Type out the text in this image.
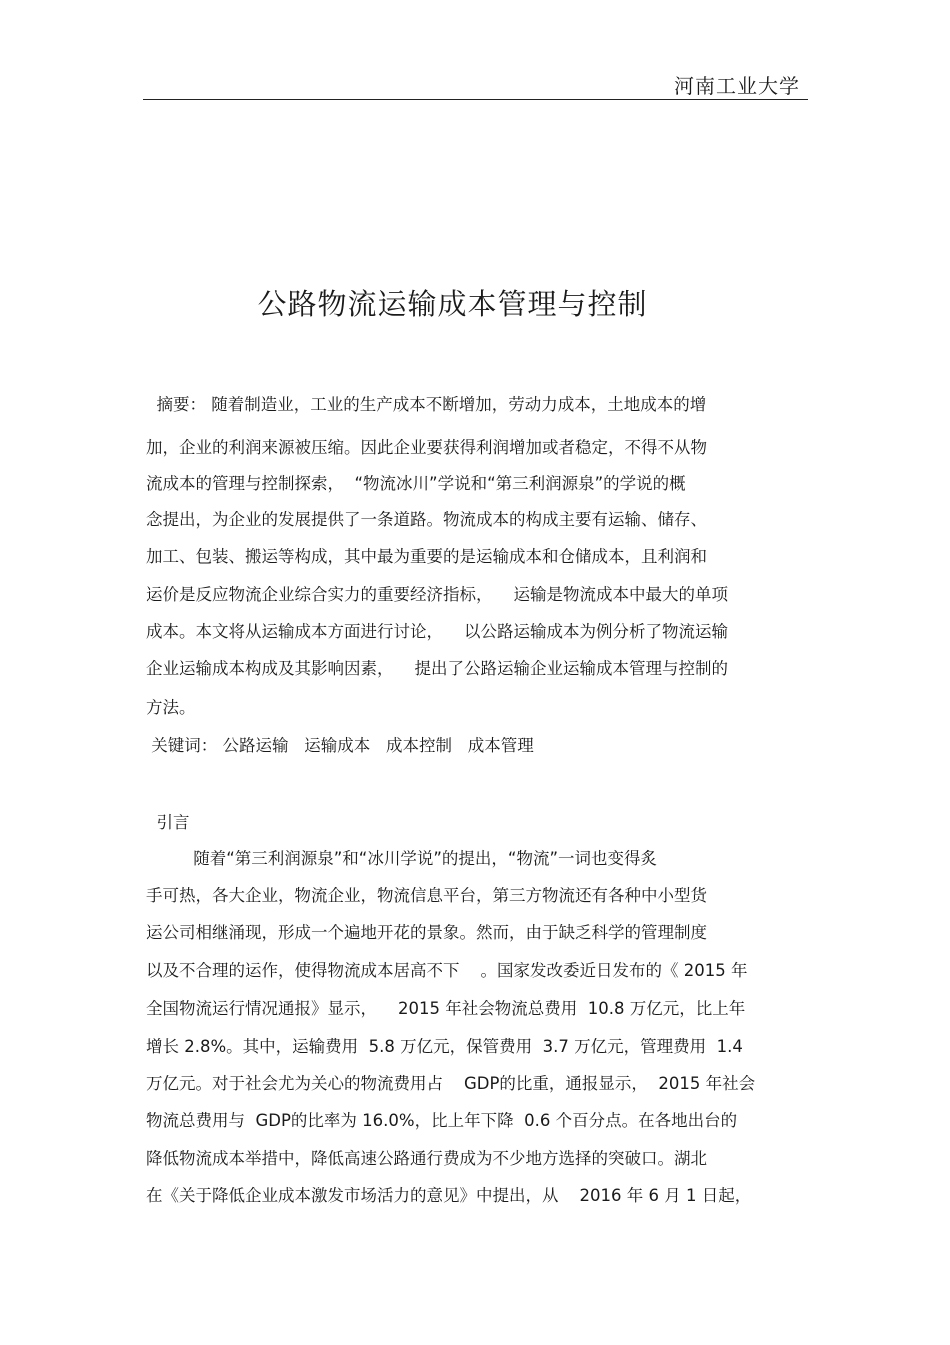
河南工业大学
公路物流运输成本管理与控制
摘要： 随着制造业，工业的生产成本不断增加，劳动力成本，土地成本的增
加，企业的利润来源被压缩。因此企业要获得利润增加或者稳定，不得不从物
流成本的管理与控制探索，  “物流冰川”学说和“第三利润源泉”的学说的概
念提出，为企业的发展提供了一条道路。物流成本的构成主要有运输、储存、
加工、包装、搬运等构成，其中最为重要的是运输成本和仓储成本，且利润和
运价是反应物流企业综合实力的重要经济指标，    运输是物流成本中最大的单项
成本。本文将从运输成本方面进行讨论，    以公路运输成本为例分析了物流运输
企业运输成本构成及其影响因素，    提出了公路运输企业运输成本管理与控制的
方法。
关键词： 公路运输   运输成本   成本控制   成本管理
引言
随着“第三利润源泉”和“冰川学说”的提出，“物流”一词也变得炙
手可热，各大企业，物流企业，物流信息平台，第三方物流还有各种中小型货
运公司相继涌现，形成一个遍地开花的景象。然而，由于缺乏科学的管理制度
以及不合理的运作，使得物流成本居高不下    。国家发改委近日发布的《 2015 年
全国物流运行情况通报》显示，    2015 年社会物流总费用  10.8 万亿元，比上年
增长 2.8%。其中，运输费用  5.8 万亿元，保管费用  3.7 万亿元，管理费用  1.4
万亿元。对于社会尤为关心的物流费用占    GDP的比重，通报显示，  2015 年社会
物流总费用与  GDP的比率为 16.0%，比上年下降  0.6 个百分点。在各地出台的
降低物流成本举措中，降低高速公路通行费成为不少地方选择的突破口。湖北
在《关于降低企业成本激发市场活力的意见》中提出，从    2016 年 6 月 1 日起，
